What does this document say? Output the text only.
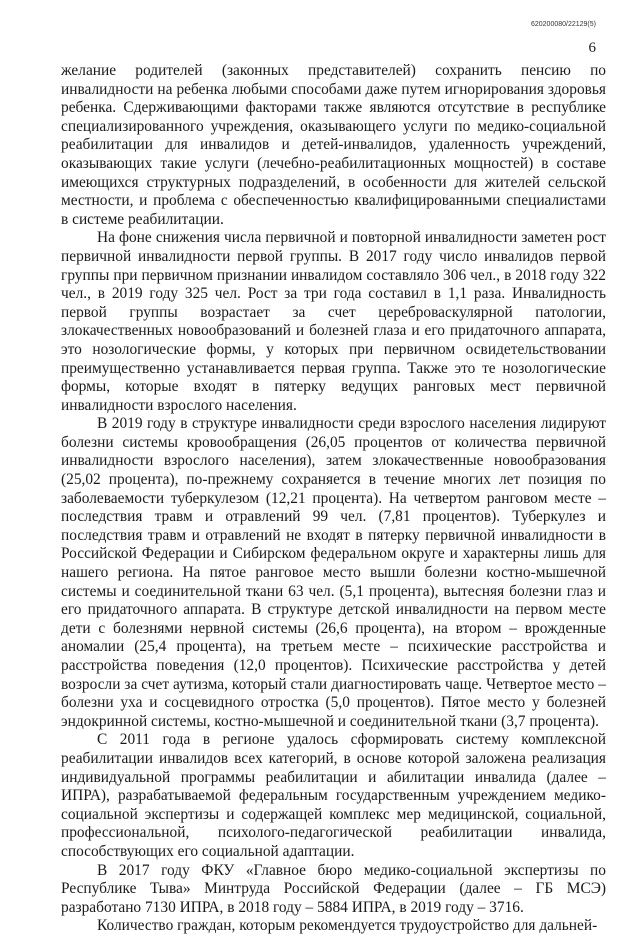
620200080/22129(5)
6

желание родителей (законных представителей) сохранить пенсию по инвалидности на ребенка любыми способами даже путем игнорирования здоровья ребенка. Сдерживающими факторами также являются отсутствие в республике специализированного учреждения, оказывающего услуги по медико-социальной реабилитации для инвалидов и детей-инвалидов, удаленность учреждений, оказывающих такие услуги (лечебно-реабилитационных мощностей) в составе имеющихся структурных подразделений, в особенности для жителей сельской местности, и проблема с обеспеченностью квалифицированными специалистами в системе реабилитации.

На фоне снижения числа первичной и повторной инвалидности заметен рост первичной инвалидности первой группы. В 2017 году число инвалидов первой группы при первичном признании инвалидом составляло 306 чел., в 2018 году 322 чел., в 2019 году 325 чел. Рост за три года составил в 1,1 раза. Инвалидность первой группы возрастает за счет цереброваскулярной патологии, злокачественных новообразований и болезней глаза и его придаточного аппарата, это нозологические формы, у которых при первичном освидетельствовании преимущественно устанавливается первая группа. Также это те нозологические формы, которые входят в пятерку ведущих ранговых мест первичной инвалидности взрослого населения.

В 2019 году в структуре инвалидности среди взрослого населения лидируют болезни системы кровообращения (26,05 процентов от количества первичной инвалидности взрослого населения), затем злокачественные новообразования (25,02 процента), по-прежнему сохраняется в течение многих лет позиция по заболеваемости туберкулезом (12,21 процента). На четвертом ранговом месте – последствия травм и отравлений 99 чел. (7,81 процентов). Туберкулез и последствия травм и отравлений не входят в пятерку первичной инвалидности в Российской Федерации и Сибирском федеральном округе и характерны лишь для нашего региона. На пятое ранговое место вышли болезни костно-мышечной системы и соединительной ткани 63 чел. (5,1 процента), вытесняя болезни глаз и его придаточного аппарата. В структуре детской инвалидности на первом месте дети с болезнями нервной системы (26,6 процента), на втором – врожденные аномалии (25,4 процента), на третьем месте – психические расстройства и расстройства поведения (12,0 процентов). Психические расстройства у детей возросли за счет аутизма, который стали диагностировать чаще. Четвертое место – болезни уха и сосцевидного отростка (5,0 процентов). Пятое место у болезней эндокринной системы, костно-мышечной и соединительной ткани (3,7 процента).

С 2011 года в регионе удалось сформировать систему комплексной реабилитации инвалидов всех категорий, в основе которой заложена реализация индивидуальной программы реабилитации и абилитации инвалида (далее – ИПРА), разрабатываемой федеральным государственным учреждением медико-социальной экспертизы и содержащей комплекс мер медицинской, социальной, профессиональной, психолого-педагогической реабилитации инвалида, способствующих его социальной адаптации.

В 2017 году ФКУ «Главное бюро медико-социальной экспертизы по Республике Тыва» Минтруда Российской Федерации (далее – ГБ МСЭ) разработано 7130 ИПРА, в 2018 году – 5884 ИПРА, в 2019 году – 3716.

Количество граждан, которым рекомендуется трудоустройство для дальней-
